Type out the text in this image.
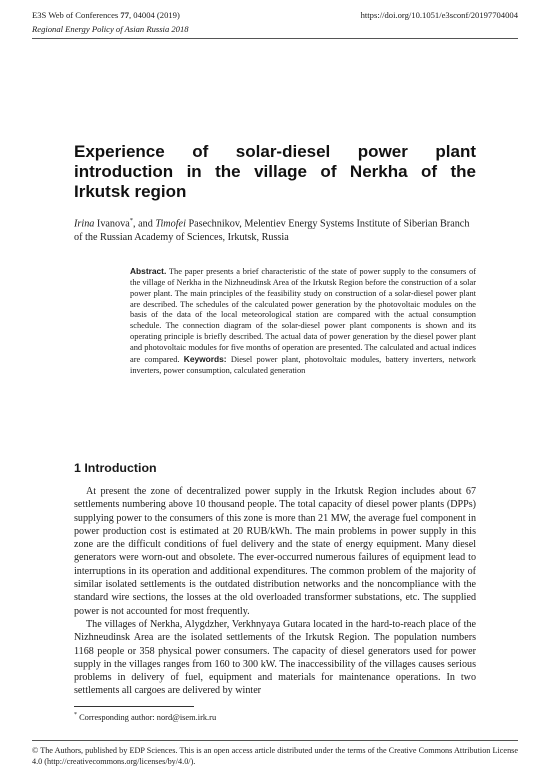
E3S Web of Conferences 77, 04004 (2019)	https://doi.org/10.1051/e3sconf/20197704004
Regional Energy Policy of Asian Russia 2018
Experience of solar-diesel power plant
introduction in the village of Nerkha of the
Irkutsk region
Irina Ivanova*, and Timofei Pasechnikov, Melentiev Energy Systems Institute of Siberian Branch of the Russian Academy of Sciences, Irkutsk, Russia
Abstract. The paper presents a brief characteristic of the state of power supply to the consumers of the village of Nerkha in the Nizhneudinsk Area of the Irkutsk Region before the construction of a solar power plant. The main principles of the feasibility study on construction of a solar-diesel power plant are described. The schedules of the calculated power generation by the photovoltaic modules on the basis of the data of the local meteorological station are compared with the actual consumption schedule. The connection diagram of the solar-diesel power plant components is shown and its operating principle is briefly described. The actual data of power generation by the diesel power plant and photovoltaic modules for five months of operation are presented. The calculated and actual indices are compared. Keywords: Diesel power plant, photovoltaic modules, battery inverters, network inverters, power consumption, calculated generation
1 Introduction

At present the zone of decentralized power supply in the Irkutsk Region includes about 67 settlements numbering above 10 thousand people. The total capacity of diesel power plants (DPPs) supplying power to the consumers of this zone is more than 21 MW, the average fuel component in power production cost is estimated at 20 RUB/kWh. The main problems in power supply in this zone are the difficult conditions of fuel delivery and the state of energy equipment. Many diesel generators were worn-out and obsolete. The ever-occurred numerous failures of equipment lead to interruptions in its operation and additional expenditures. The common problem of the majority of similar isolated settlements is the outdated distribution networks and the noncompliance with the standard wire sections, the losses at the old overloaded transformer substations, etc. The supplied power is not accounted for most frequently.

The villages of Nerkha, Alygdzher, Verkhnyaya Gutara located in the hard-to-reach place of the Nizhneudinsk Area are the isolated settlements of the Irkutsk Region. The population numbers 1168 people or 358 physical power consumers. The capacity of diesel generators used for power supply in the villages ranges from 160 to 300 kW. The inaccessibility of the villages causes serious problems in delivery of fuel, equipment and materials for maintenance operations. In two settlements all cargoes are delivered by winter

* Corresponding author: nord@isem.irk.ru
© The Authors, published by EDP Sciences. This is an open access article distributed under the terms of the Creative Commons Attribution License 4.0 (http://creativecommons.org/licenses/by/4.0/).
